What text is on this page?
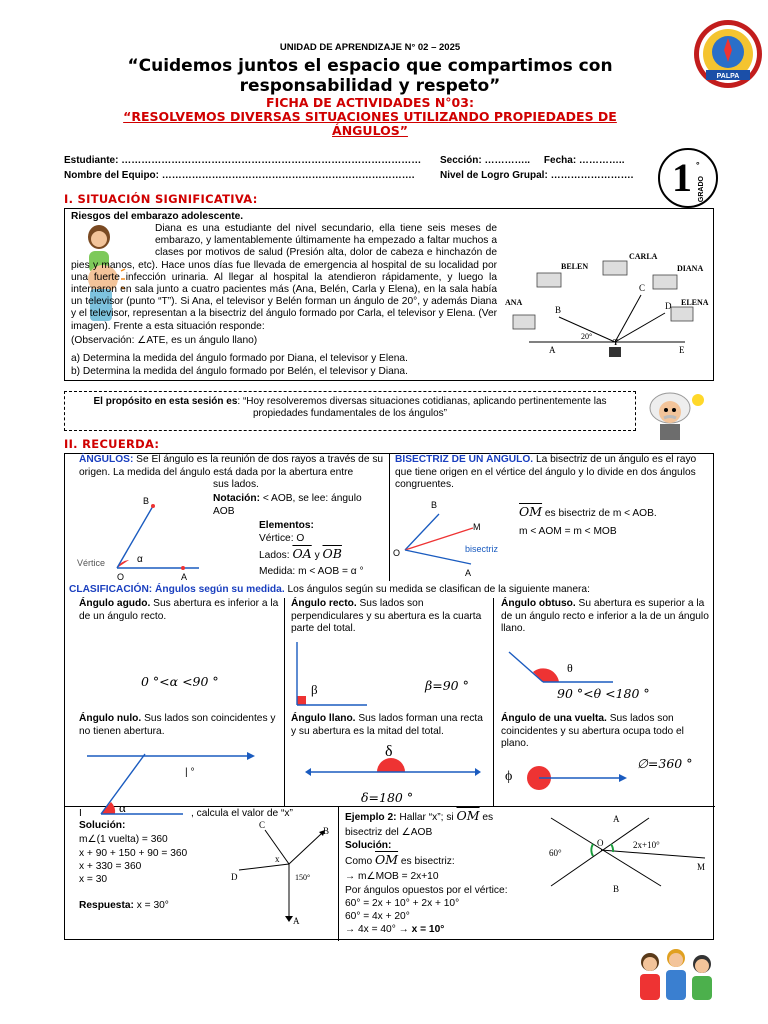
UNIDAD DE APRENDIZAJE N° 02 – 2025
“Cuidemos juntos el espacio que compartimos con
responsabilidad y respeto”
FICHA DE ACTIVIDADES N°03:
“RESOLVEMOS DIVERSAS SITUACIONES UTILIZANDO PROPIEDADES DE
ÁNGULOS”
PALPA
Estudiante: ………………………………………………………………………………
Nombre del Equipo: ………………………………………………………………….
Sección: ………….. Fecha: …………..
Nivel de Logro Grupal: ……………………. 1 °
GRADO
I. SITUACIÓN SIGNIFICATIVA:
Riesgos del embarazo adolescente.
Diana es una estudiante del nivel secundario, ella tiene seis meses de embarazo, y lamentablemente últimamente ha empezado a faltar muchos a clases por motivos de salud (Presión alta, dolor de cabeza e hinchazón de pies y manos, etc). Hace unos días fue llevada de emergencia al hospital de su localidad por una fuerte infección urinaria. Al llegar al hospital la atendieron rápidamente, y luego la internaron en sala junto a cuatro pacientes más (Ana, Belén, Carla y Elena), en la sala había un televisor (punto “T”). Si Ana, el televisor y Belén forman un ángulo de 20°, y además Diana y el televisor, representan a la bisectriz del ángulo formado por Carla, el televisor y Elena. (Ver imagen). Frente a esta situación responde:
(Observación: ∠ATE, es un ángulo llano)
a) Determina la medida del ángulo formado por Diana, el televisor y Elena.
b) Determina la medida del ángulo formado por Belén, el televisor y Diana.
BELEN
CARLA
DIANA
ANA	ELENA
B
C
D
A	E
T
20°
El propósito en esta sesión es: “Hoy resolveremos diversas situaciones cotidianas, aplicando pertinentemente las propiedades fundamentales de los ángulos”
II. RECUERDA:
ÁNGULOS: Se El ángulo es la reunión de dos rayos a través de su origen. La medida del ángulo está dada por la abertura entre
sus lados.
Notación: < AOB, se lee: ángulo AOB
Elementos:
Vértice: O
Lados: $\overline{OA}$ y $\overline{OB}$
Medida: m < AOB = α °
B
A
O
Vértice	α
BISECTRIZ DE UN ÁNGULO. La bisectriz de un ángulo es el rayo que tiene origen en el vértice del ángulo y lo divide en dos ángulos congruentes.
B
M
O
A
bisectriz
$\overline{OM}$ es bisectriz de m < AOB.
m < AOM = m < MOB
CLASIFICACIÓN: Ángulos según su medida. Los ángulos según su medida se clasifican de la siguiente manera:
Ángulo agudo. Sus abertura es inferior a la de un ángulo recto.
0 °<α <90 °
Ángulo recto. Sus lados son perpendiculares y su abertura es la cuarta parte del total.
β	β=90 °
Ángulo obtuso. Su abertura es superior a la de un ángulo recto e inferior a la de un ángulo llano.
θ
90 °<θ <180 °
Ángulo nulo. Sus lados son coincidentes y no tienen abertura.
| °
Ángulo llano. Sus lados forman una recta y su abertura es la mitad del total.
δ
δ=180 °
Ángulo de una vuelta. Sus lados son coincidentes y su abertura ocupa todo el plano.
ϕ
∅=360 °
α
I	, calcula el valor de “x”
Solución:
m∠(1 vuelta) = 360
x + 90 + 150 + 90 = 360
x + 330 = 360
x = 30
Respuesta: x = 30°
C
B
D
A
x
150°
Ejemplo 2: Hallar “x”; si $\overline{OM}$ es
bisectriz del ∠AOB
Solución:
Como $\overline{OM}$ es bisectriz:
→ m∠MOB = 2x+10
Por ángulos opuestos por el vértice:
60° = 2x + 10° + 2x + 10°
60° = 4x + 20°
→ 4x = 40° → x = 10°
A
O
M
B
60°
2x+10°
